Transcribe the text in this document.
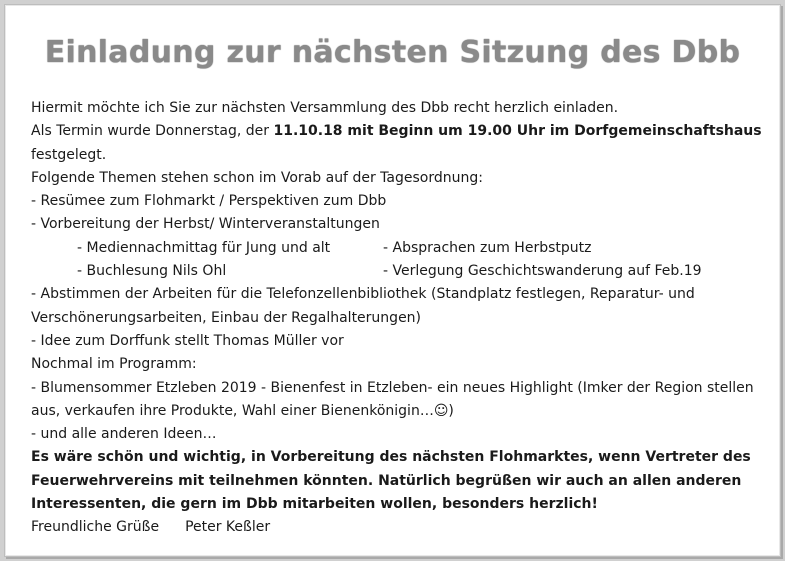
Einladung zur nächsten Sitzung des Dbb
Hiermit möchte ich Sie zur nächsten Versammlung des Dbb recht herzlich einladen.
Als Termin wurde Donnerstag, der 11.10.18 mit Beginn um 19.00 Uhr im Dorfgemeinschaftshaus
festgelegt.
Folgende Themen stehen schon im Vorab auf der Tagesordnung:
- Resümee zum Flohmarkt / Perspektiven zum Dbb
- Vorbereitung der Herbst/ Winterveranstaltungen
- Mediennachmittag für Jung und alt	- Absprachen zum Herbstputz
- Buchlesung Nils Ohl	- Verlegung Geschichtswanderung auf Feb.19
- Abstimmen der Arbeiten für die Telefonzellenbibliothek (Standplatz festlegen, Reparatur- und
Verschönerungsarbeiten, Einbau der Regalhalterungen)
- Idee zum Dorffunk stellt Thomas Müller vor
Nochmal im Programm:
- Blumensommer Etzleben 2019 - Bienenfest in Etzleben- ein neues Highlight (Imker der Region stellen
aus, verkaufen ihre Produkte, Wahl einer Bienenkönigin…☺)
- und alle anderen Ideen…
Es wäre schön und wichtig, in Vorbereitung des nächsten Flohmarktes, wenn Vertreter des
Feuerwehrvereins mit teilnehmen könnten. Natürlich begrüßen wir auch an allen anderen
Interessenten, die gern im Dbb mitarbeiten wollen, besonders herzlich!
Freundliche Grüße Peter Keßler
